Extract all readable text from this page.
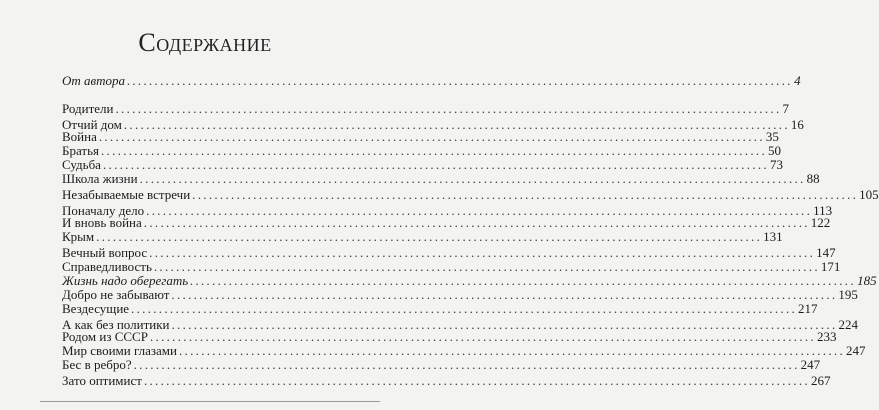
Содержание
От автора ........................................................................................................................ 4
Родители ........................................................................................................................ 7
Отчий дом ........................................................................................................................ 16
Война ........................................................................................................................ 35
Братья ........................................................................................................................ 50
Судьба ........................................................................................................................ 73
Школа жизни ........................................................................................................................ 88
Незабываемые встречи ........................................................................................................................ 105
Поначалу дело ........................................................................................................................ 113
И вновь война ........................................................................................................................ 122
Крым ........................................................................................................................ 131
Вечный вопрос ........................................................................................................................ 147
Справедливость ........................................................................................................................ 171
Жизнь надо оберегать ........................................................................................................................ 185
Добро не забывают ........................................................................................................................ 195
Вездесущие ........................................................................................................................ 217
А как без политики ........................................................................................................................ 224
Родом из СССР ........................................................................................................................ 233
Мир своими глазами ........................................................................................................................ 247
Бес в ребро? ........................................................................................................................ 247
Зато оптимист ........................................................................................................................ 267
